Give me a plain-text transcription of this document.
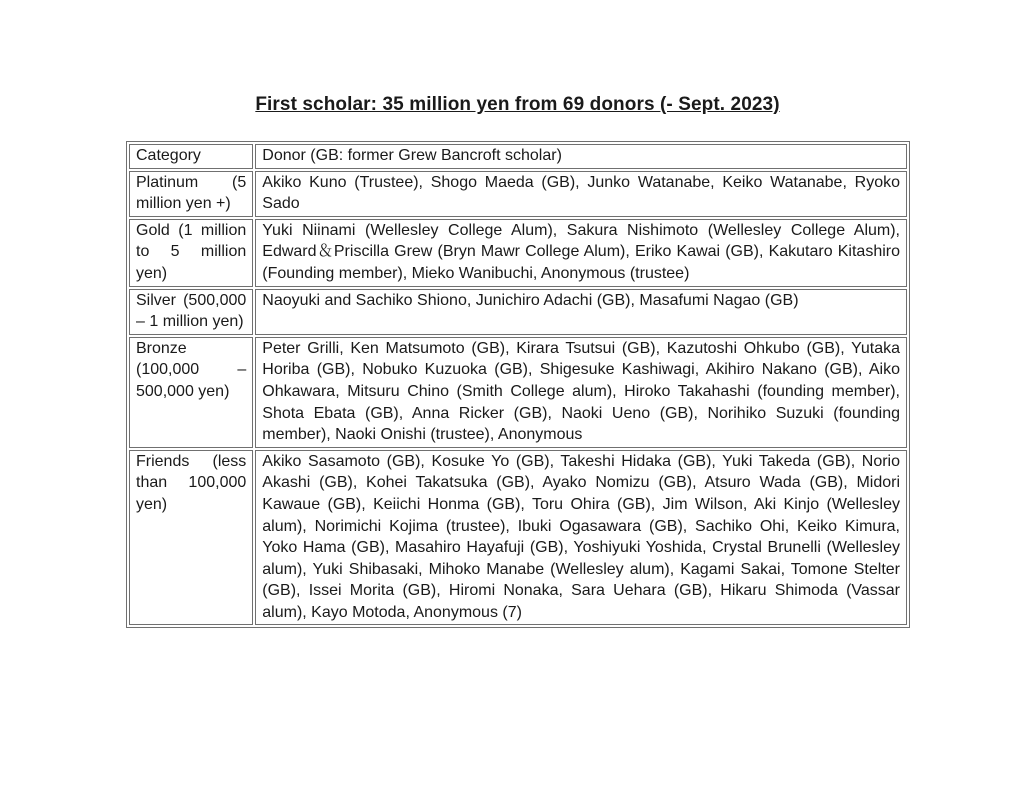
First scholar: 35 million yen from 69 donors (- Sept. 2023)
Category	Donor (GB: former Grew Bancroft scholar)
Platinum (5 million yen +)	Akiko Kuno (Trustee), Shogo Maeda (GB), Junko Watanabe, Keiko Watanabe, Ryoko Sado
Gold (1 million to 5 million yen)	Yuki Niinami (Wellesley College Alum), Sakura Nishimoto (Wellesley College Alum), Edward＆Priscilla Grew (Bryn Mawr College Alum), Eriko Kawai (GB), Kakutaro Kitashiro (Founding member), Mieko Wanibuchi, Anonymous (trustee)
Silver (500,000 – 1 million yen)	Naoyuki and Sachiko Shiono, Junichiro Adachi (GB), Masafumi Nagao (GB)
Bronze (100,000 – 500,000 yen)	Peter Grilli, Ken Matsumoto (GB), Kirara Tsutsui (GB), Kazutoshi Ohkubo (GB), Yutaka Horiba (GB), Nobuko Kuzuoka (GB), Shigesuke Kashiwagi, Akihiro Nakano (GB), Aiko Ohkawara, Mitsuru Chino (Smith College alum), Hiroko Takahashi (founding member), Shota Ebata (GB), Anna Ricker (GB), Naoki Ueno (GB), Norihiko Suzuki (founding member), Naoki Onishi (trustee), Anonymous
Friends (less than 100,000 yen)	Akiko Sasamoto (GB), Kosuke Yo (GB), Takeshi Hidaka (GB), Yuki Takeda (GB), Norio Akashi (GB), Kohei Takatsuka (GB), Ayako Nomizu (GB), Atsuro Wada (GB), Midori Kawaue (GB), Keiichi Honma (GB), Toru Ohira (GB), Jim Wilson, Aki Kinjo (Wellesley alum), Norimichi Kojima (trustee), Ibuki Ogasawara (GB), Sachiko Ohi, Keiko Kimura, Yoko Hama (GB), Masahiro Hayafuji (GB), Yoshiyuki Yoshida, Crystal Brunelli (Wellesley alum), Yuki Shibasaki, Mihoko Manabe (Wellesley alum), Kagami Sakai, Tomone Stelter (GB), Issei Morita (GB), Hiromi Nonaka, Sara Uehara (GB), Hikaru Shimoda (Vassar alum), Kayo Motoda, Anonymous (7)
